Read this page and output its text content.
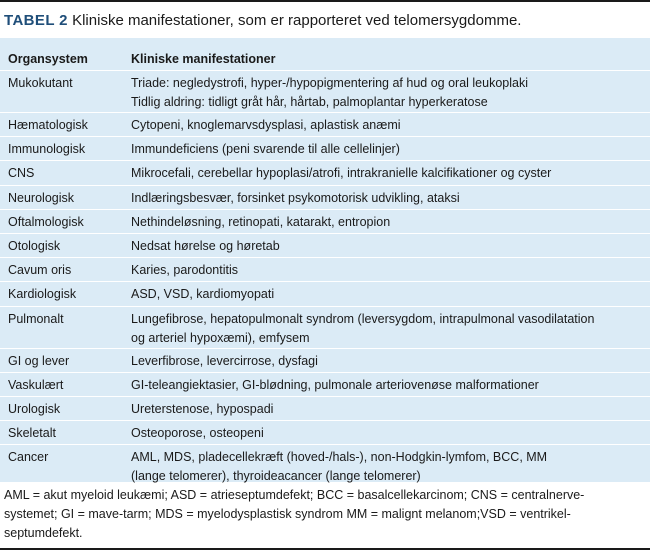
TABEL 2 Kliniske manifestationer, som er rapporteret ved telomersygdomme.
Organsystem	Kliniske manifestationer
Mukokutant	Triade: negledystrofi, hyper-/hypopigmentering af hud og oral leukoplaki
Tidlig aldring: tidligt gråt hår, hårtab, palmoplantar hyperkeratose
Hæmatologisk	Cytopeni, knoglemarvsdysplasi, aplastisk anæmi
Immunologisk	Immundeficiens (peni svarende til alle cellelinjer)
CNS	Mikrocefali, cerebellar hypoplasi/atrofi, intrakranielle kalcifikationer og cyster
Neurologisk	Indlæringsbesvær, forsinket psykomotorisk udvikling, ataksi
Oftalmologisk	Nethindeløsning, retinopati, katarakt, entropion
Otologisk	Nedsat hørelse og høretab
Cavum oris	Karies, parodontitis
Kardiologisk	ASD, VSD, kardiomyopati
Pulmonalt	Lungefibrose, hepatopulmonalt syndrom (leversygdom, intrapulmonal vasodilatation
og arteriel hypoxæmi), emfysem
GI og lever	Leverfibrose, levercirrose, dysfagi
Vaskulært	GI-teleangiektasier, GI-blødning, pulmonale arteriovenøse malformationer
Urologisk	Ureterstenose, hypospadi
Skeletalt	Osteoporose, osteopeni
Cancer	AML, MDS, pladecellekræft (hoved-/hals-), non-Hodgkin-lymfom, BCC, MM
(lange telomerer), thyroideacancer (lange telomerer)
AML = akut myeloid leukæmi; ASD = atrieseptumdefekt; BCC = basalcellekarcinom; CNS = centralnerve-
systemet; GI = mave-tarm; MDS = myelodysplastisk syndrom MM = malignt melanom;VSD = ventrikel-
septumdefekt.
